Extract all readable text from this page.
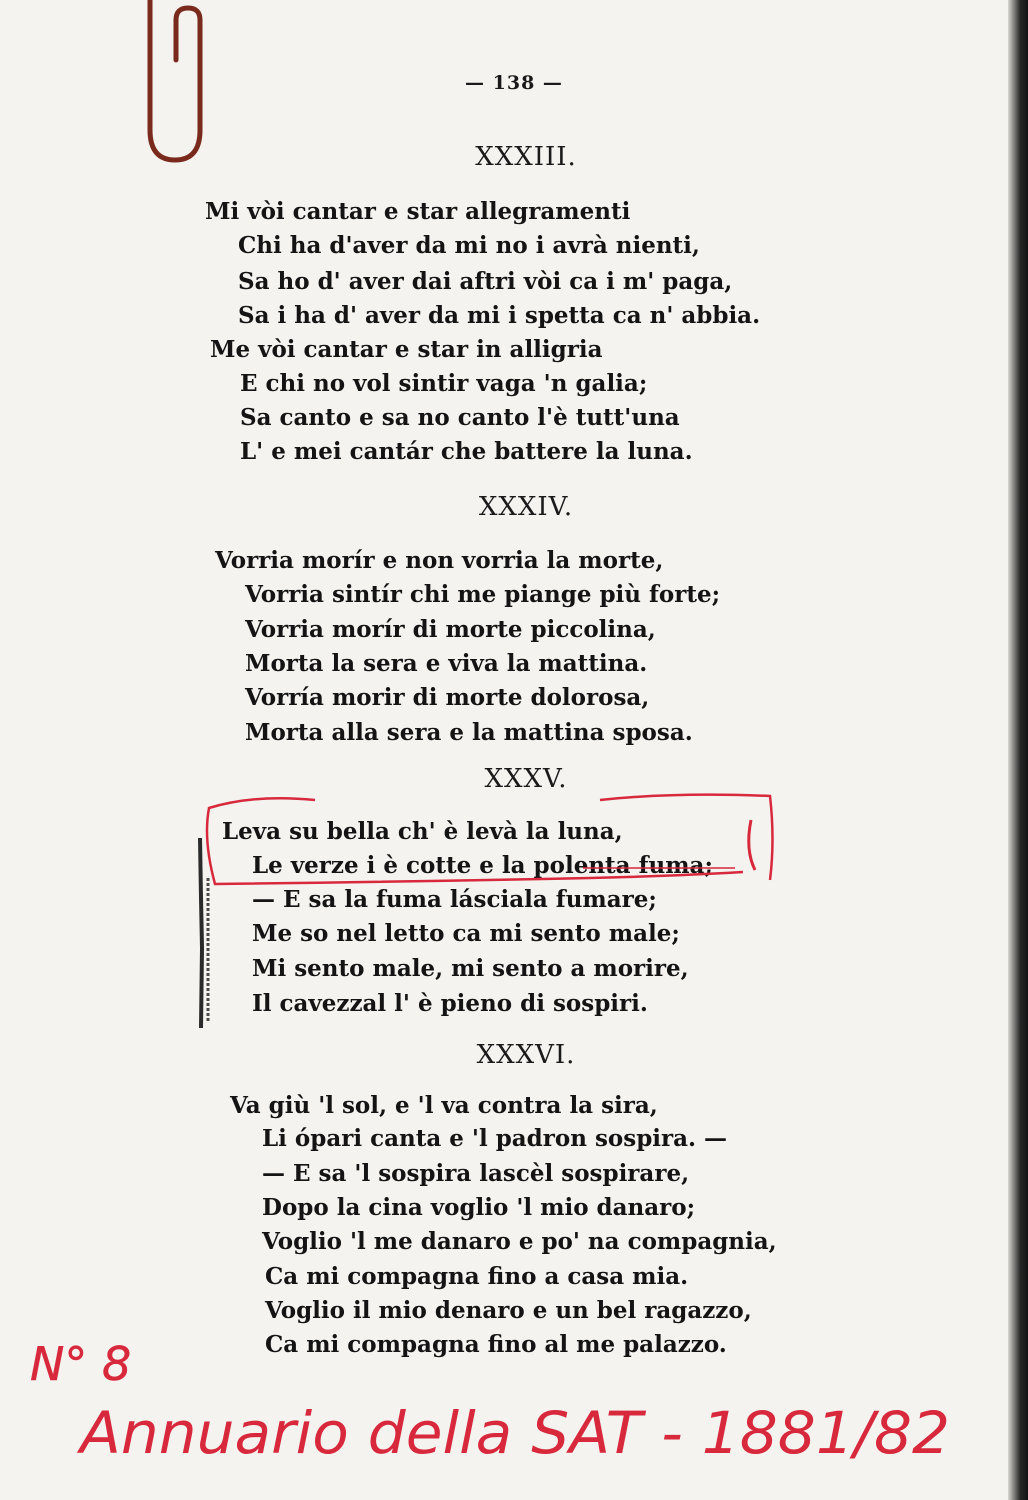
— 138 —
XXXIII.
Mi vòi cantar e star allegramenti
Chi ha d'aver da mi no i avrà nienti,
Sa ho d' aver dai aftri vòi ca i m' paga,
Sa i ha d' aver da mi i spetta ca n' abbia.
Me vòi cantar e star in alligria
E chi no vol sintir vaga 'n galia;
Sa canto e sa no canto l'è tutt'una
L' e mei cantár che battere la luna.
XXXIV.
Vorria morír e non vorria la morte,
Vorria sintír chi me piange più forte;
Vorria morír di morte piccolina,
Morta la sera e viva la mattina.
Vorría morir di morte dolorosa,
Morta alla sera e la mattina sposa.
XXXV.
Leva su bella ch' è levà la luna,
Le verze i è cotte e la polenta fuma;
— E sa la fuma lásciala fumare;
Me so nel letto ca mi sento male;
Mi sento male, mi sento a morire,
Il cavezzal l' è pieno di sospiri.
XXXVI.
Va giù 'l sol, e 'l va contra la sira,
Li ópari canta e 'l padron sospira. —
— E sa 'l sospira lascèl sospirare,
Dopo la cina voglio 'l mio danaro;
Voglio 'l me danaro e po' na compagnia,
Ca mi compagna fino a casa mia.
Voglio il mio denaro e un bel ragazzo,
Ca mi compagna fino al me palazzo.
N° 8
Annuario della SAT - 1881/82
